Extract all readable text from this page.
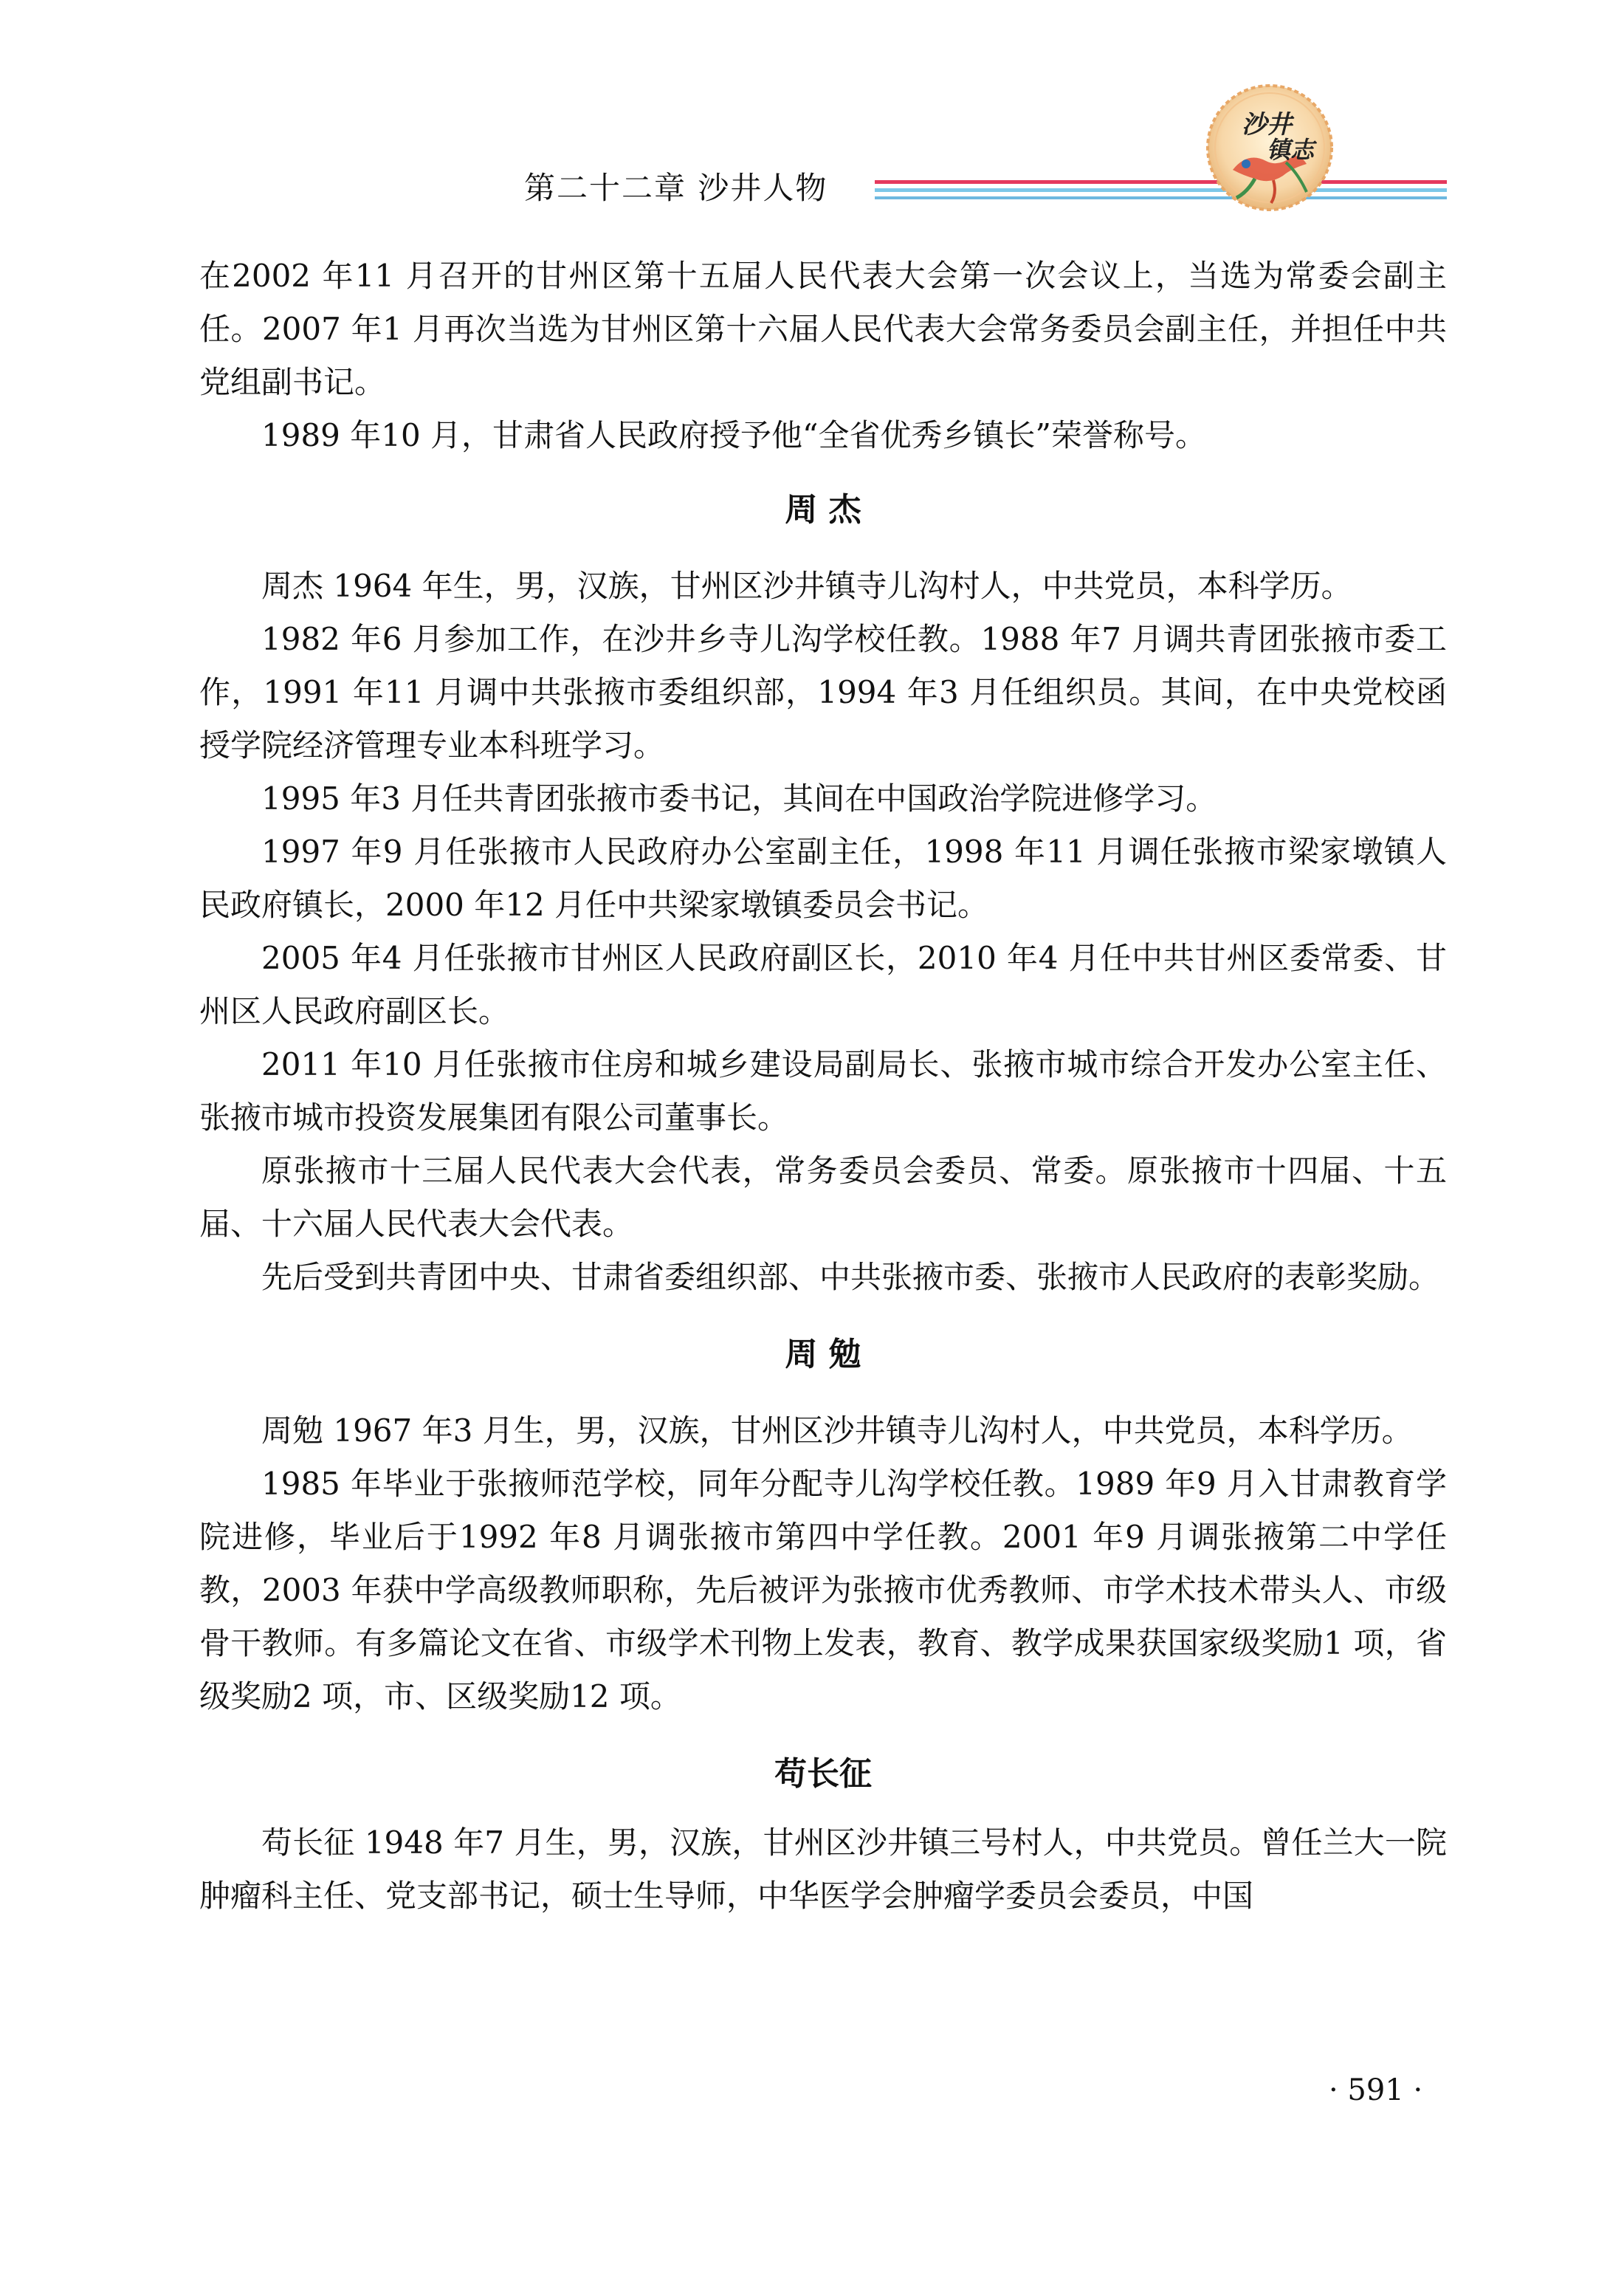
第二十二章 沙井人物
沙井
镇志

在2002 年11 月召开的甘州区第十五届人民代表大会第一次会议上，当选为常委会副主任。2007 年1 月再次当选为甘州区第十六届人民代表大会常务委员会副主任，并担任中共党组副书记。

1989 年10 月，甘肃省人民政府授予他“全省优秀乡镇长”荣誉称号。

周 杰

周杰 1964 年生，男，汉族，甘州区沙井镇寺儿沟村人，中共党员，本科学历。

1982 年6 月参加工作，在沙井乡寺儿沟学校任教。1988 年7 月调共青团张掖市委工作，1991 年11 月调中共张掖市委组织部，1994 年3 月任组织员。其间，在中央党校函授学院经济管理专业本科班学习。

1995 年3 月任共青团张掖市委书记，其间在中国政治学院进修学习。

1997 年9 月任张掖市人民政府办公室副主任，1998 年11 月调任张掖市梁家墩镇人民政府镇长，2000 年12 月任中共梁家墩镇委员会书记。

2005 年4 月任张掖市甘州区人民政府副区长，2010 年4 月任中共甘州区委常委、甘州区人民政府副区长。

2011 年10 月任张掖市住房和城乡建设局副局长、张掖市城市综合开发办公室主任、张掖市城市投资发展集团有限公司董事长。

原张掖市十三届人民代表大会代表，常务委员会委员、常委。原张掖市十四届、十五届、十六届人民代表大会代表。

先后受到共青团中央、甘肃省委组织部、中共张掖市委、张掖市人民政府的表彰奖励。

周 勉

周勉 1967 年3 月生，男，汉族，甘州区沙井镇寺儿沟村人，中共党员，本科学历。

1985 年毕业于张掖师范学校，同年分配寺儿沟学校任教。1989 年9 月入甘肃教育学院进修，毕业后于1992 年8 月调张掖市第四中学任教。2001 年9 月调张掖第二中学任教，2003 年获中学高级教师职称，先后被评为张掖市优秀教师、市学术技术带头人、市级骨干教师。有多篇论文在省、市级学术刊物上发表，教育、教学成果获国家级奖励1 项，省级奖励2 项，市、区级奖励12 项。

苟长征

苟长征 1948 年7 月生，男，汉族，甘州区沙井镇三号村人，中共党员。曾任兰大一院肿瘤科主任、党支部书记，硕士生导师，中华医学会肿瘤学委员会委员，中国

· 591 ·
